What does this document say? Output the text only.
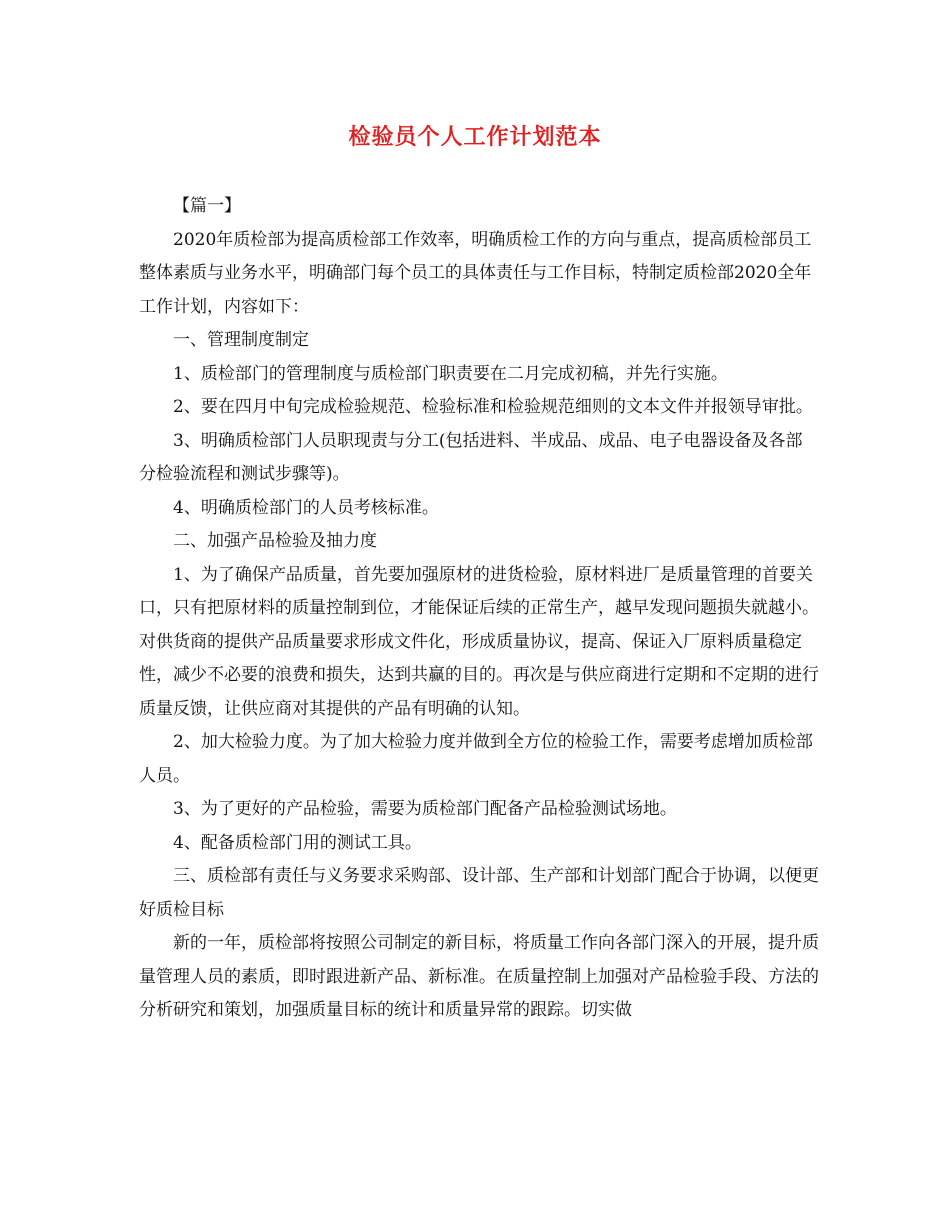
检验员个人工作计划范本

【篇一】

2020年质检部为提高质检部工作效率，明确质检工作的方向与重点，提高质检部员工整体素质与业务水平，明确部门每个员工的具体责任与工作目标，特制定质检部2020全年工作计划，内容如下：

一、管理制度制定

1、质检部门的管理制度与质检部门职责要在二月完成初稿，并先行实施。

2、要在四月中旬完成检验规范、检验标准和检验规范细则的文本文件并报领导审批。

3、明确质检部门人员职现责与分工(包括进料、半成品、成品、电子电器设备及各部分检验流程和测试步骤等)。

4、明确质检部门的人员考核标准。

二、加强产品检验及抽力度

1、为了确保产品质量，首先要加强原材的进货检验，原材料进厂是质量管理的首要关口，只有把原材料的质量控制到位，才能保证后续的正常生产，越早发现问题损失就越小。对供货商的提供产品质量要求形成文件化，形成质量协议，提高、保证入厂原料质量稳定性，减少不必要的浪费和损失，达到共赢的目的。再次是与供应商进行定期和不定期的进行质量反馈，让供应商对其提供的产品有明确的认知。

2、加大检验力度。为了加大检验力度并做到全方位的检验工作，需要考虑增加质检部人员。

3、为了更好的产品检验，需要为质检部门配备产品检验测试场地。

4、配备质检部门用的测试工具。

三、质检部有责任与义务要求采购部、设计部、生产部和计划部门配合于协调，以便更好质检目标

新的一年，质检部将按照公司制定的新目标，将质量工作向各部门深入的开展，提升质量管理人员的素质，即时跟进新产品、新标准。在质量控制上加强对产品检验手段、方法的分析研究和策划，加强质量目标的统计和质量异常的跟踪。切实做
